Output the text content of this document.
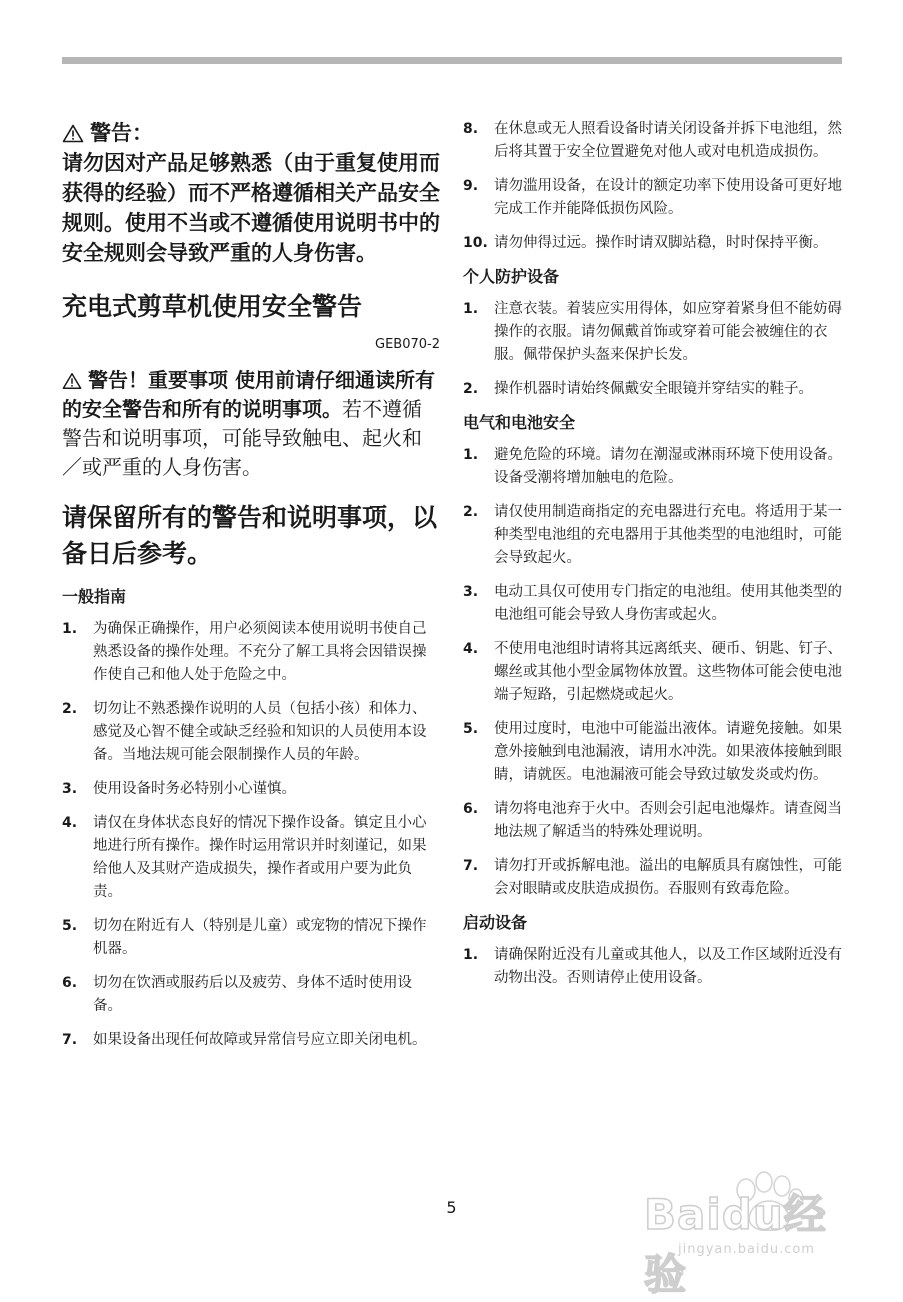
警告：

请勿因对产品足够熟悉（由于重复使用而获得的经验）而不严格遵循相关产品安全规则。使用不当或不遵循使用说明书中的安全规则会导致严重的人身伤害。

充电式剪草机使用安全警告
GEB070-2
警告！重要事项 使用前请仔细通读所有的安全警告和所有的说明事项。若不遵循警告和说明事项，可能导致触电、起火和／或严重的人身伤害。
请保留所有的警告和说明事项，以备日后参考。
一般指南
1.	为确保正确操作，用户必须阅读本使用说明书使自己熟悉设备的操作处理。不充分了解工具将会因错误操作使自己和他人处于危险之中。
2.	切勿让不熟悉操作说明的人员（包括小孩）和体力、感觉及心智不健全或缺乏经验和知识的人员使用本设备。当地法规可能会限制操作人员的年龄。
3.	使用设备时务必特别小心谨慎。
4.	请仅在身体状态良好的情况下操作设备。镇定且小心地进行所有操作。操作时运用常识并时刻谨记，如果给他人及其财产造成损失，操作者或用户要为此负责。
5.	切勿在附近有人（特别是儿童）或宠物的情况下操作机器。
6.	切勿在饮酒或服药后以及疲劳、身体不适时使用设备。
7.	如果设备出现任何故障或异常信号应立即关闭电机。
8.	在休息或无人照看设备时请关闭设备并拆下电池组，然后将其置于安全位置避免对他人或对电机造成损伤。
9.	请勿滥用设备，在设计的额定功率下使用设备可更好地完成工作并能降低损伤风险。
10. 请勿伸得过远。操作时请双脚站稳，时时保持平衡。
个人防护设备
1.	注意衣装。着装应实用得体，如应穿着紧身但不能妨碍操作的衣服。请勿佩戴首饰或穿着可能会被缠住的衣服。佩带保护头盔来保护长发。
2.	操作机器时请始终佩戴安全眼镜并穿结实的鞋子。
电气和电池安全
1.	避免危险的环境。请勿在潮湿或淋雨环境下使用设备。设备受潮将增加触电的危险。
2.	请仅使用制造商指定的充电器进行充电。将适用于某一种类型电池组的充电器用于其他类型的电池组时，可能会导致起火。
3.	电动工具仅可使用专门指定的电池组。使用其他类型的电池组可能会导致人身伤害或起火。
4.	不使用电池组时请将其远离纸夹、硬币、钥匙、钉子、螺丝或其他小型金属物体放置。这些物体可能会使电池端子短路，引起燃烧或起火。
5.	使用过度时，电池中可能溢出液体。请避免接触。如果意外接触到电池漏液，请用水冲洗。如果液体接触到眼睛，请就医。电池漏液可能会导致过敏发炎或灼伤。
6.	请勿将电池弃于火中。否则会引起电池爆炸。请查阅当地法规了解适当的特殊处理说明。
7.	请勿打开或拆解电池。溢出的电解质具有腐蚀性，可能会对眼睛或皮肤造成损伤。吞服则有致毒危险。
启动设备
1.	请确保附近没有儿童或其他人，以及工作区域附近没有动物出没。否则请停止使用设备。
5	Baidu经验
jingyan.baidu.com
